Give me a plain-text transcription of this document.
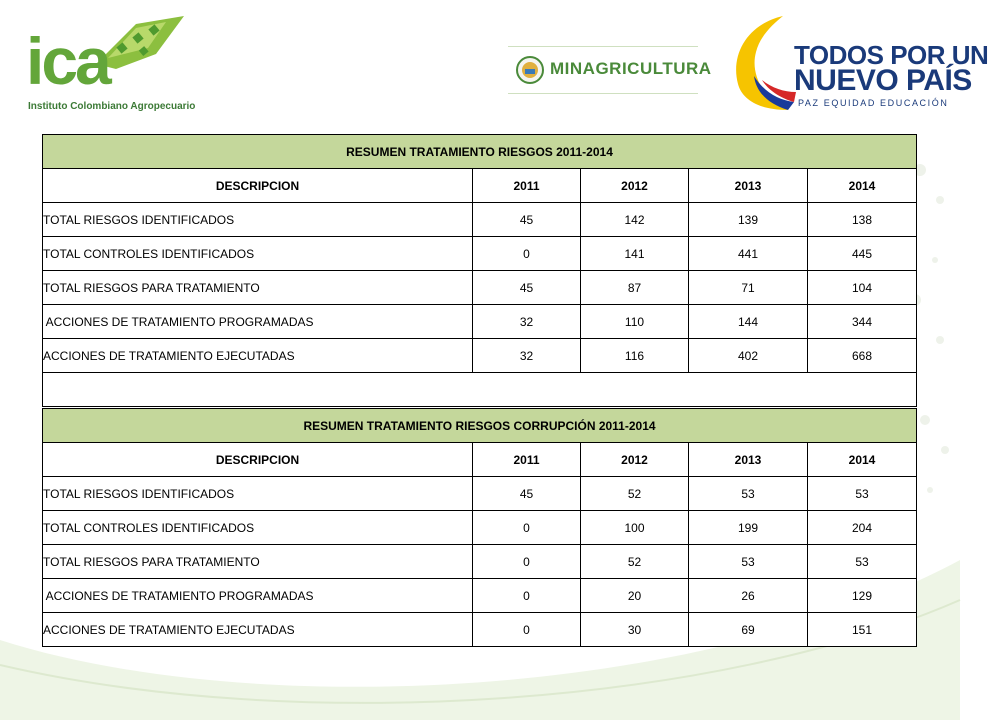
ica
Instituto Colombiano Agropecuario
MINAGRICULTURA	TODOS POR UN
NUEVO PAÍS
PAZ EQUIDAD EDUCACIÓN
RESUMEN TRATAMIENTO RIESGOS 2011-2014				
DESCRIPCION	2011	2012	2013	2014
TOTAL RIESGOS IDENTIFICADOS	45	142	139	138
TOTAL CONTROLES IDENTIFICADOS	0	141	441	445
TOTAL RIESGOS PARA TRATAMIENTO	45	87	71	104
ACCIONES DE TRATAMIENTO PROGRAMADAS	32	110	144	344
ACCIONES DE TRATAMIENTO EJECUTADAS	32	116	402	668

RESUMEN TRATAMIENTO RIESGOS CORRUPCIÓN 2011-2014				
DESCRIPCION	2011	2012	2013	2014
TOTAL RIESGOS IDENTIFICADOS	45	52	53	53
TOTAL CONTROLES IDENTIFICADOS	0	100	199	204
TOTAL RIESGOS PARA TRATAMIENTO	0	52	53	53
ACCIONES DE TRATAMIENTO PROGRAMADAS	0	20	26	129
ACCIONES DE TRATAMIENTO EJECUTADAS	0	30	69	151
